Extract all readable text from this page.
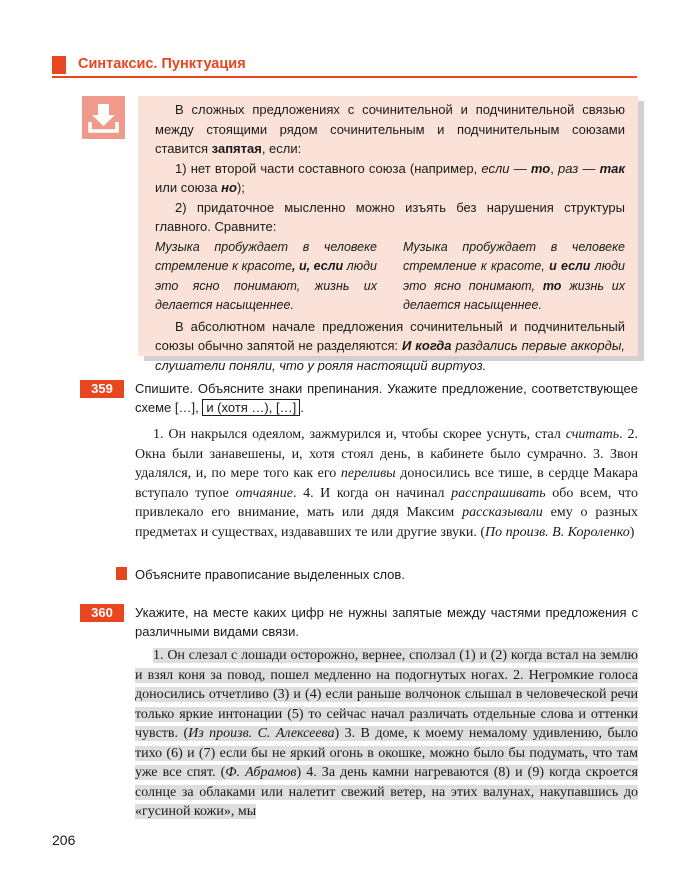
Синтаксис. Пунктуация

В сложных предложениях с сочинительной и подчинительной связью между стоящими рядом сочинительным и подчинительным союзами ставится запятая, если:

1) нет второй части составного союза (например, если — то, раз — так или союза но);

2) придаточное мысленно можно изъять без нарушения структуры главного. Сравните:

Музыка пробуждает в человеке стремление к красоте, и, если люди это ясно понимают, жизнь их делается насыщеннее.
Музыка пробуждает в человеке стремление к красоте, и если люди это ясно понимают, то жизнь их делается насыщеннее.

В абсолютном начале предложения сочинительный и подчинительный союзы обычно запятой не разделяются: И когда раздались первые аккорды, слушатели поняли, что у рояля настоящий виртуоз.

359	Спишите. Объясните знаки препинания. Укажите предложение, соответствующее схеме […], и (хотя …), […] .
1. Он накрылся одеялом, зажмурился и, чтобы скорее уснуть, стал считать. 2. Окна были занавешены, и, хотя стоял день, в кабинете было сумрачно. 3. Звон удалялся, и, по мере того как его переливы доносились все тише, в сердце Макара вступало тупое отчаяние. 4. И когда он начинал расспрашивать обо всем, что привлекало его внимание, мать или дядя Максим рассказывали ему о разных предметах и существах, издававших те или другие звуки. (По произв. В. Короленко)
Объясните правописание выделенных слов.
360	Укажите, на месте каких цифр не нужны запятые между частями предложения с различными видами связи.
1. Он слезал с лошади осторожно, вернее, сползал (1) и (2) когда встал на землю и взял коня за повод, пошел медленно на подогнутых ногах. 2. Негромкие голоса доносились отчетливо (3) и (4) если раньше волчонок слышал в человеческой речи только яркие интонации (5) то сейчас начал различать отдельные слова и оттенки чувств. (Из произв. С. Алексеева) 3. В доме, к моему немалому удивлению, было тихо (6) и (7) если бы не яркий огонь в окошке, можно было бы подумать, что там уже все спят. (Ф. Абрамов) 4. За день камни нагреваются (8) и (9) когда скроется солнце за облаками или налетит свежий ветер, на этих валунах, накупавшись до «гусиной кожи», мы
206
